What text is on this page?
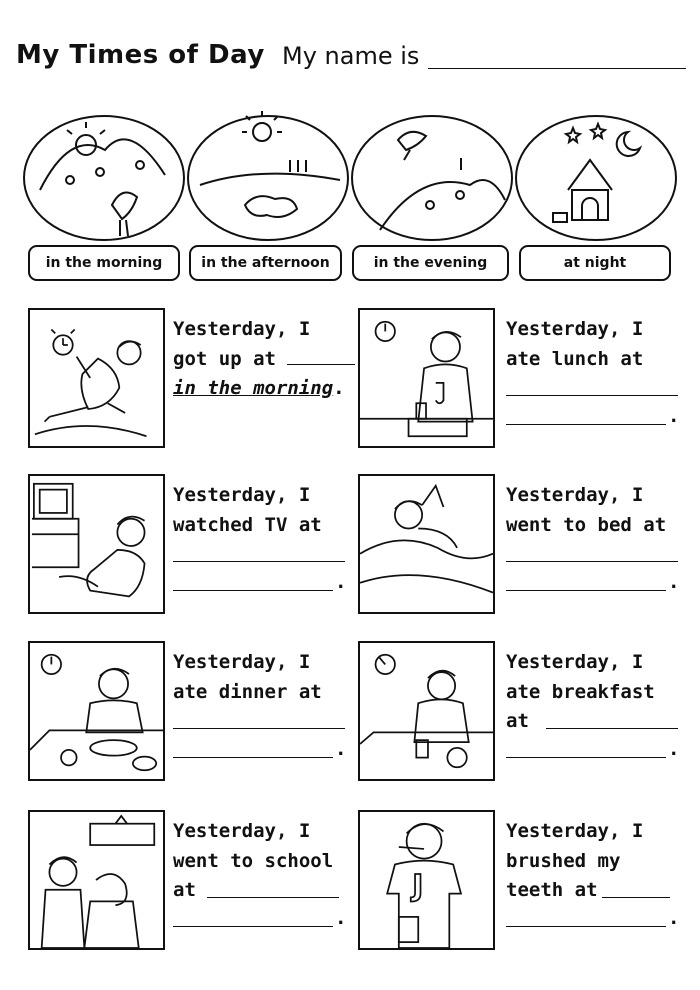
My Times of Day My name is
in the morning	in the afternoon	in the evening	at night
Yesterday, I
got up at
in the morning.
Yesterday, I
ate lunch at
.
Yesterday, I
watched TV at
.
Yesterday, I
went to bed at
.
Yesterday, I
ate dinner at
.
Yesterday, I
ate breakfast
at
.
Yesterday, I
went to school
at
.
J
Yesterday, I
brushed my
teeth at
.
